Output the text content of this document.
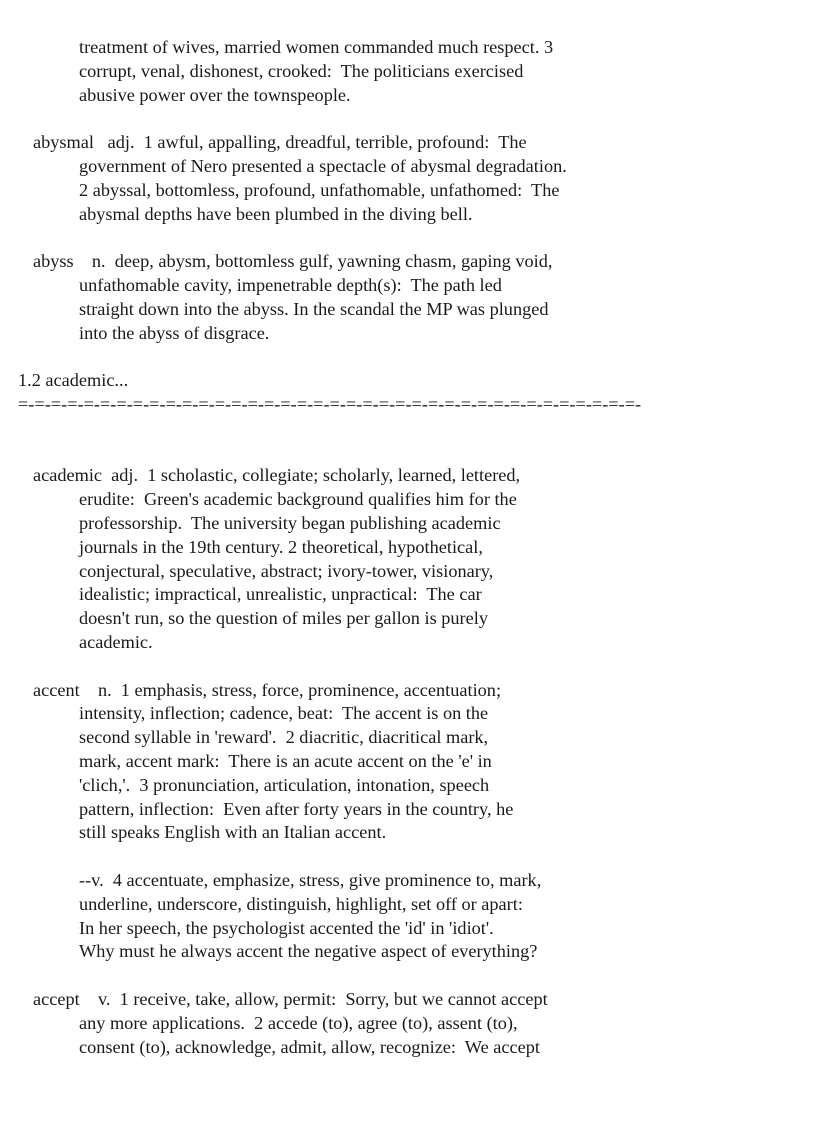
treatment of wives, married women commanded much respect. 3
corrupt, venal, dishonest, crooked:  The politicians exercised
abusive power over the townspeople.
abysmal   adj.  1 awful, appalling, dreadful, terrible, profound:  The
government of Nero presented a spectacle of abysmal degradation.
2 abyssal, bottomless, profound, unfathomable, unfathomed:  The
abysmal depths have been plumbed in the diving bell.
abyss    n.  deep, abysm, bottomless gulf, yawning chasm, gaping void,
unfathomable cavity, impenetrable depth(s):  The path led
straight down into the abyss. In the scandal the MP was plunged
into the abyss of disgrace.
1.2 academic...
=-=-=-=-=-=-=-=-=-=-=-=-=-=-=-=-=-=-=-=-=-=-=-=-=-=-=-=-=-=-=-=-=-=-=-=-=-=-
academic  adj.  1 scholastic, collegiate; scholarly, learned, lettered,
erudite:  Green's academic background qualifies him for the
professorship.  The university began publishing academic
journals in the 19th century. 2 theoretical, hypothetical,
conjectural, speculative, abstract; ivory-tower, visionary,
idealistic; impractical, unrealistic, unpractical:  The car
doesn't run, so the question of miles per gallon is purely
academic.
accent    n.  1 emphasis, stress, force, prominence, accentuation;
intensity, inflection; cadence, beat:  The accent is on the
second syllable in 'reward'.  2 diacritic, diacritical mark,
mark, accent mark:  There is an acute accent on the 'e' in
'clich,'.  3 pronunciation, articulation, intonation, speech
pattern, inflection:  Even after forty years in the country, he
still speaks English with an Italian accent.
--v.  4 accentuate, emphasize, stress, give prominence to, mark,
underline, underscore, distinguish, highlight, set off or apart:
In her speech, the psychologist accented the 'id' in 'idiot'.
Why must he always accent the negative aspect of everything?
accept    v.  1 receive, take, allow, permit:  Sorry, but we cannot accept
any more applications.  2 accede (to), agree (to), assent (to),
consent (to), acknowledge, admit, allow, recognize:  We accept
